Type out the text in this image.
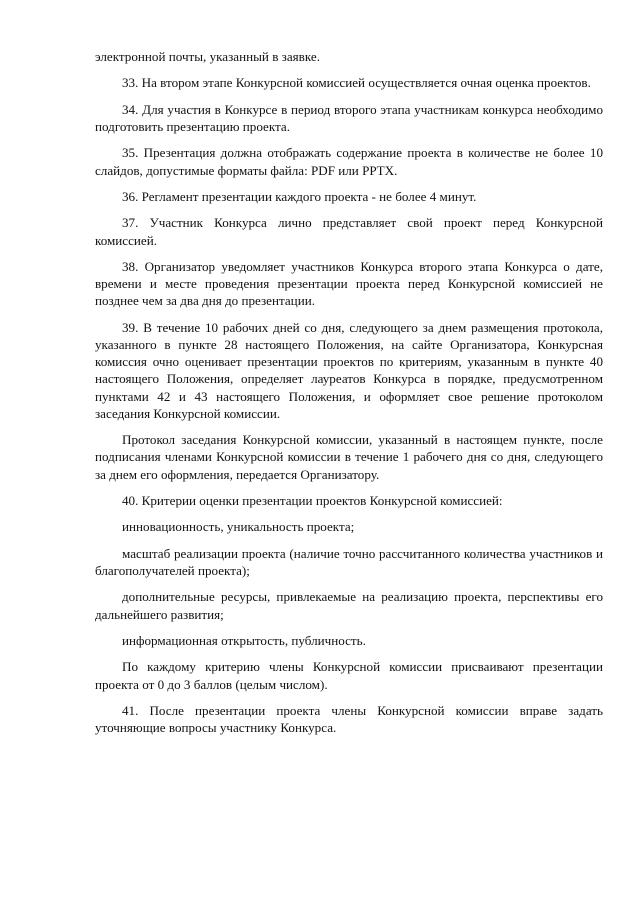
электронной почты, указанный в заявке.

33. На втором этапе Конкурсной комиссией осуществляется очная оценка проектов.

34. Для участия в Конкурсе в период второго этапа участникам конкурса необходимо подготовить презентацию проекта.

35. Презентация должна отображать содержание проекта в количестве не более 10 слайдов, допустимые форматы файла: PDF или PPTX.

36. Регламент презентации каждого проекта - не более 4 минут.

37. Участник Конкурса лично представляет свой проект перед Конкурсной комиссией.

38. Организатор уведомляет участников Конкурса второго этапа Конкурса о дате, времени и месте проведения презентации проекта перед Конкурсной комиссией не позднее чем за два дня до презентации.

39. В течение 10 рабочих дней со дня, следующего за днем размещения протокола, указанного в пункте 28 настоящего Положения, на сайте Организатора, Конкурсная комиссия очно оценивает презентации проектов по критериям, указанным в пункте 40 настоящего Положения, определяет лауреатов Конкурса в порядке, предусмотренном пунктами 42 и 43 настоящего Положения, и оформляет свое решение протоколом заседания Конкурсной комиссии.

Протокол заседания Конкурсной комиссии, указанный в настоящем пункте, после подписания членами Конкурсной комиссии в течение 1 рабочего дня со дня, следующего за днем его оформления, передается Организатору.

40. Критерии оценки презентации проектов Конкурсной комиссией:

инновационность, уникальность проекта;

масштаб реализации проекта (наличие точно рассчитанного количества участников и благополучателей проекта);

дополнительные ресурсы, привлекаемые на реализацию проекта, перспективы его дальнейшего развития;

информационная открытость, публичность.

По каждому критерию члены Конкурсной комиссии присваивают презентации проекта от 0 до 3 баллов (целым числом).

41. После презентации проекта члены Конкурсной комиссии вправе задать уточняющие вопросы участнику Конкурса.
